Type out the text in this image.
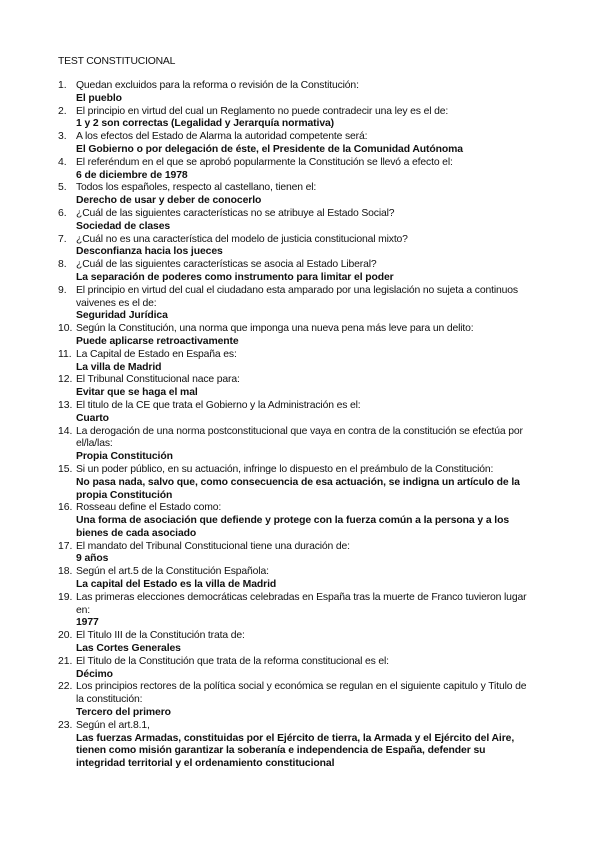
TEST CONSTITUCIONAL
1. Quedan excluidos para la reforma o revisión de la Constitución:
El pueblo
2. El principio en virtud del cual un Reglamento no puede contradecir una ley es el de:
1 y 2 son correctas (Legalidad y Jerarquía normativa)
3. A los efectos del Estado de Alarma la autoridad competente será:
El Gobierno o por delegación de éste, el Presidente de la Comunidad Autónoma
4. El referéndum en el que se aprobó popularmente la Constitución se llevó a efecto el:
6 de diciembre de 1978
5. Todos los españoles, respecto al castellano, tienen el:
Derecho de usar y deber de conocerlo
6. ¿Cuál de las siguientes características no se atribuye al Estado Social?
Sociedad de clases
7. ¿Cuál no es una característica del modelo de justicia constitucional mixto?
Desconfianza hacia los jueces
8. ¿Cuál de las siguientes características se asocia al Estado Liberal?
La separación de poderes como instrumento para limitar el poder
9. El principio en virtud del cual el ciudadano esta amparado por una legislación no sujeta a continuos vaivenes es el de:
Seguridad Jurídica
10. Según la Constitución, una norma que imponga una nueva pena más leve para un delito:
Puede aplicarse retroactivamente
11. La Capital de Estado en España es:
La villa de Madrid
12. El Tribunal Constitucional nace para:
Evitar que se haga el mal
13. El titulo de la CE que trata el Gobierno y la Administración es el:
Cuarto
14. La derogación de una norma postconstitucional que vaya en contra de la constitución se efectúa por el/la/las:
Propia Constitución
15. Si un poder público, en su actuación, infringe lo dispuesto en el preámbulo de la Constitución:
No pasa nada, salvo que, como consecuencia de esa actuación, se indigna un artículo de la propia Constitución
16. Rosseau define el Estado como:
Una forma de asociación que defiende y protege con la fuerza común a la persona y a los bienes de cada asociado
17. El mandato del Tribunal Constitucional tiene una duración de:
9 años
18. Según el art.5 de la Constitución Española:
La capital del Estado es la villa de Madrid
19. Las primeras elecciones democráticas celebradas en España tras la muerte de Franco tuvieron lugar en:
1977
20. El Titulo III de la Constitución trata de:
Las Cortes Generales
21. El Titulo de la Constitución que trata de la reforma constitucional es el:
Décimo
22. Los principios rectores de la política social y económica se regulan en el siguiente capitulo y Titulo de la constitución:
Tercero del primero
23. Según el art.8.1,
Las fuerzas Armadas, constituidas por el Ejército de tierra, la Armada y el Ejército del Aire, tienen como misión garantizar la soberanía e independencia de España, defender su integridad territorial y el ordenamiento constitucional
